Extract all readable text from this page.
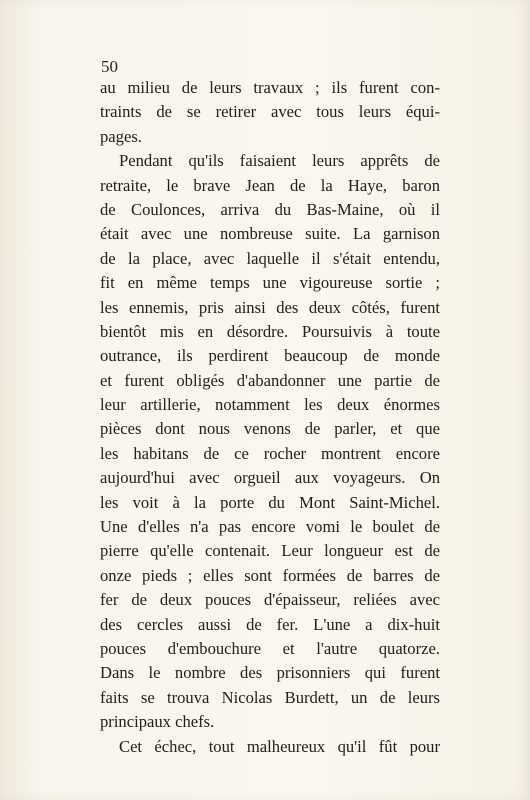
50
au milieu de leurs travaux ; ils furent con-
traints de se retirer avec tous leurs équi-
pages.
Pendant qu'ils faisaient leurs apprêts de
retraite, le brave Jean de la Haye, baron
de Coulonces, arriva du Bas-Maine, où il
était avec une nombreuse suite. La garnison
de la place, avec laquelle il s'était entendu,
fit en même temps une vigoureuse sortie ;
les ennemis, pris ainsi des deux côtés, furent
bientôt mis en désordre. Poursuivis à toute
outrance, ils perdirent beaucoup de monde
et furent obligés d'abandonner une partie de
leur artillerie, notamment les deux énormes
pièces dont nous venons de parler, et que
les habitans de ce rocher montrent encore
aujourd'hui avec orgueil aux voyageurs. On
les voit à la porte du Mont Saint-Michel.
Une d'elles n'a pas encore vomi le boulet de
pierre qu'elle contenait. Leur longueur est de
onze pieds ; elles sont formées de barres de
fer de deux pouces d'épaisseur, reliées avec
des cercles aussi de fer. L'une a dix-huit
pouces d'embouchure et l'autre quatorze.
Dans le nombre des prisonniers qui furent
faits se trouva Nicolas Burdett, un de leurs
principaux chefs.
Cet échec, tout malheureux qu'il fût pour
